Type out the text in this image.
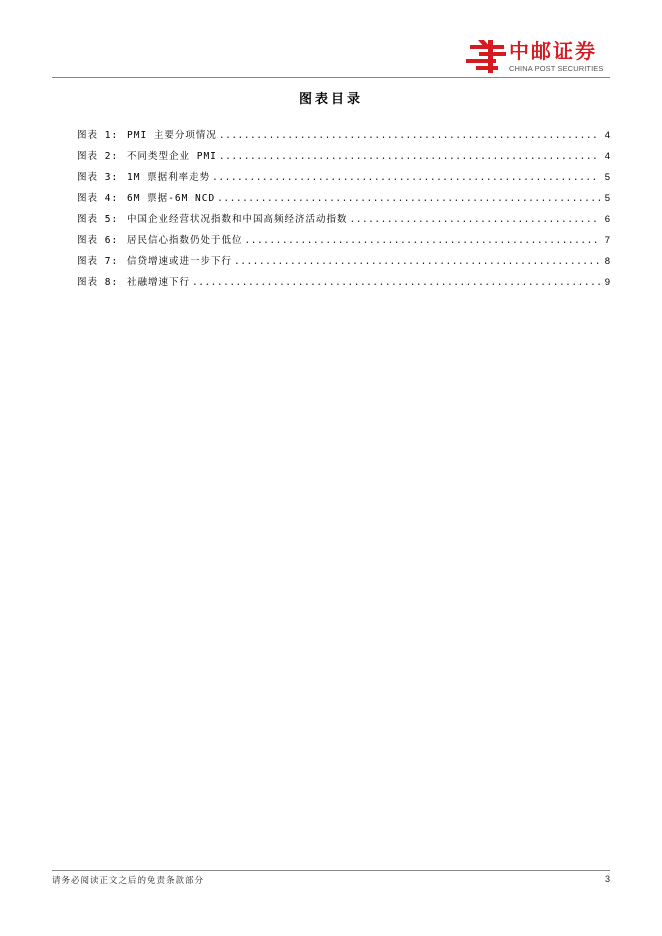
中邮证券
CHINA POST SECURITIES
图表目录
图表 1: PMI 主要分项情况 .....	4
图表 2: 不同类型企业 PMI .....	4
图表 3: 1M 票据利率走势 .....	5
图表 4: 6M 票据-6M NCD .....	5
图表 5: 中国企业经营状况指数和中国高频经济活动指数 .....	6
图表 6: 居民信心指数仍处于低位 .....	7
图表 7: 信贷增速或进一步下行 .....	8
图表 8: 社融增速下行 .....	9
请务必阅读正文之后的免责条款部分	3
